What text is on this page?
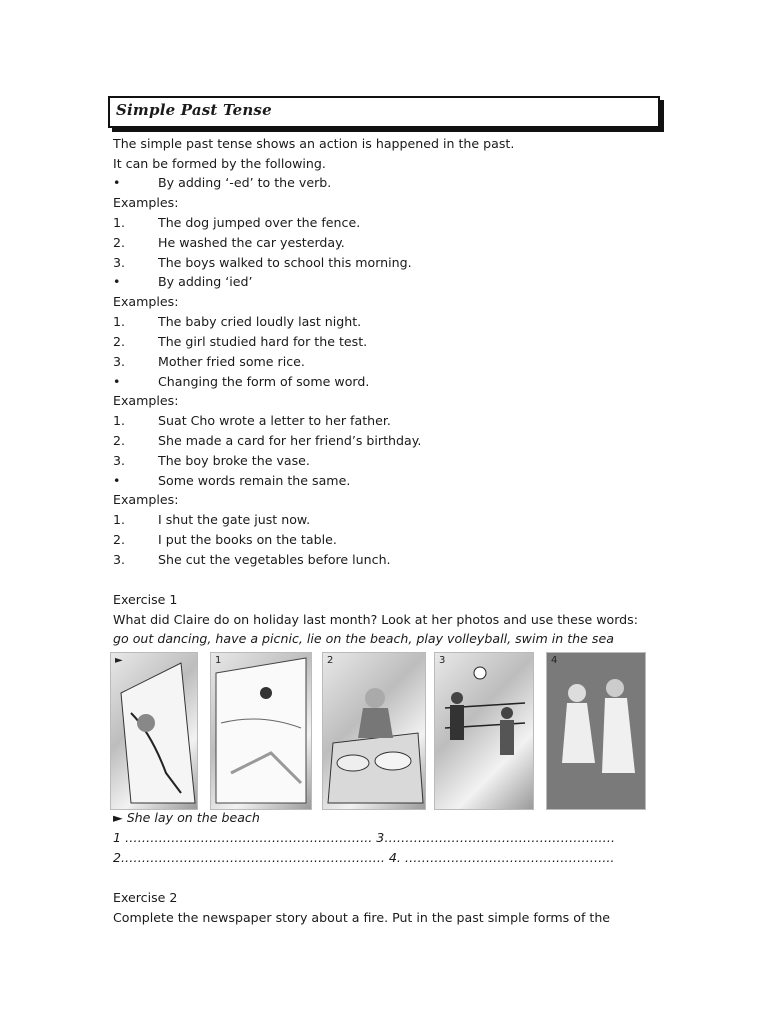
Simple Past Tense
The simple past tense shows an action is happened in the past.
It can be formed by the following.
•	By adding ‘-ed’ to the verb.
Examples:
1.	The dog jumped over the fence.
2.	He washed the car yesterday.
3.	The boys walked to school this morning.
•	By adding ‘ied’
Examples:
1.	The baby cried loudly last night.
2.	The girl studied hard for the test.
3.	Mother fried some rice.
•	Changing the form of some word.
Examples:
1.	Suat Cho wrote a letter to her father.
2.	She made a card for her friend’s birthday.
3.	The boy broke the vase.
•	Some words remain the same.
Examples:
1.	I shut the gate just now.
2.	I put the books on the table.
3.	She cut the vegetables before lunch.
Exercise 1
What did Claire do on holiday last month? Look at her photos and use these words:
go out dancing, have a picnic, lie on the beach, play volleyball, swim in the sea
►	1	2	3	4
► She lay on the beach
1 ………………………………………………….. 3……………………………………………….
2.…………………………………………………….. 4. …………………………………………..
Exercise 2
Complete the newspaper story about a fire. Put in the past simple forms of the
